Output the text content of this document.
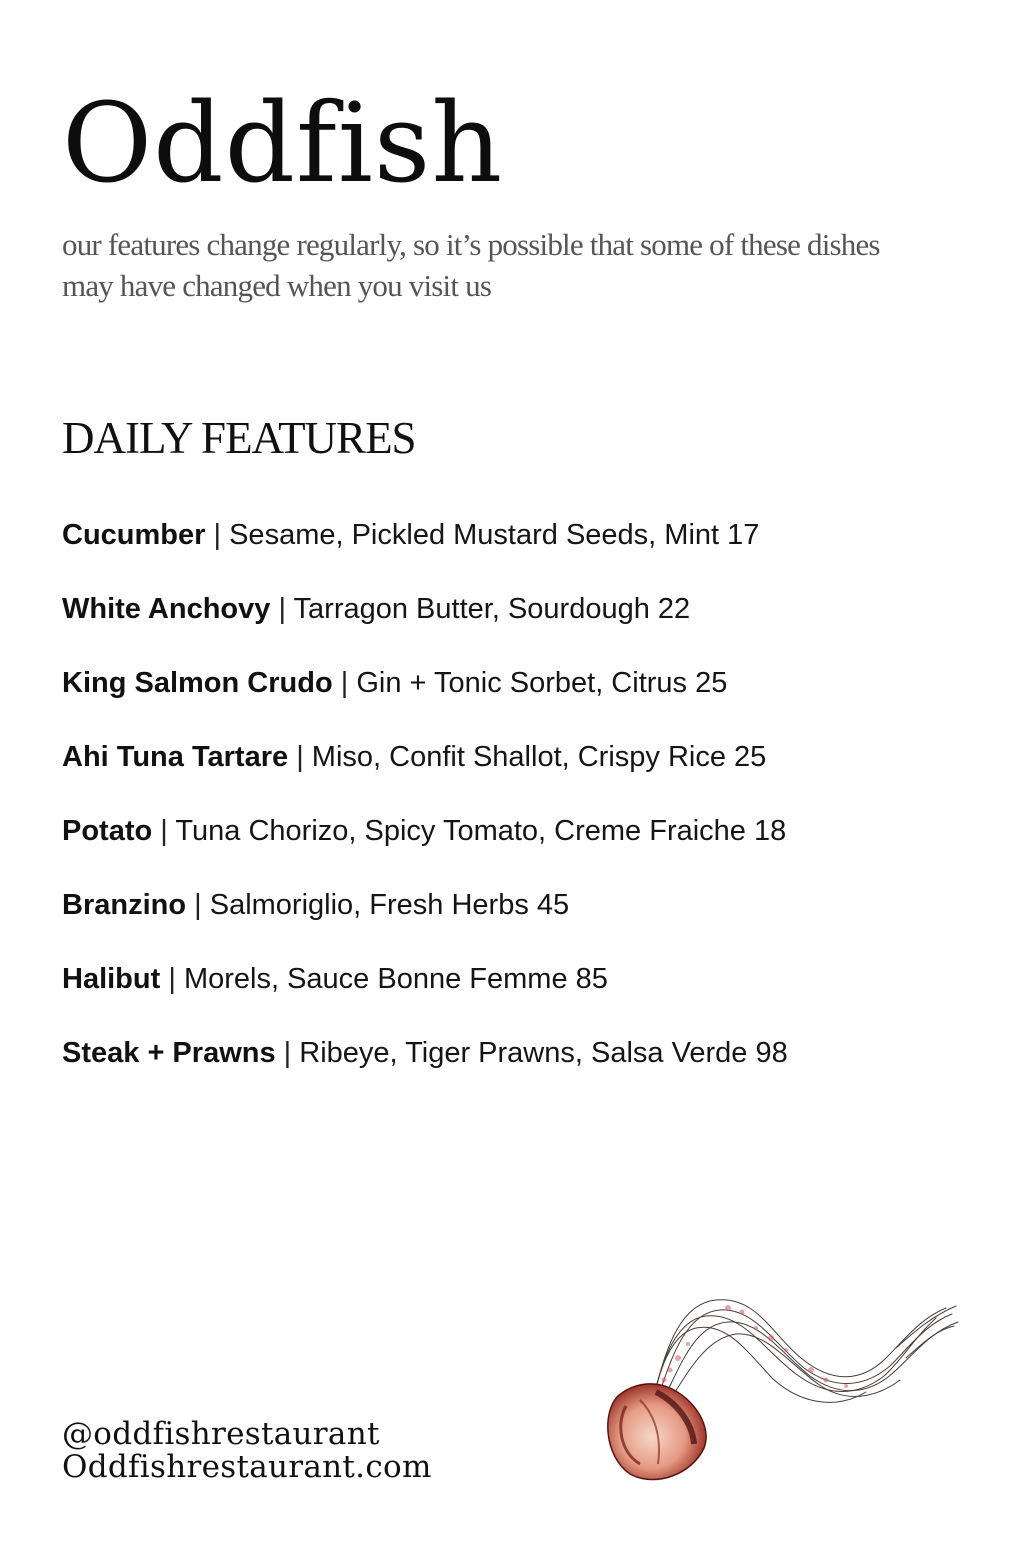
Oddfish

our features change regularly, so it’s possible that some of these dishes may have changed when you visit us

DAILY FEATURES
Cucumber | Sesame, Pickled Mustard Seeds, Mint 17
White Anchovy | Tarragon Butter, Sourdough 22
King Salmon Crudo | Gin + Tonic Sorbet, Citrus 25
Ahi Tuna Tartare | Miso, Confit Shallot, Crispy Rice 25
Potato | Tuna Chorizo, Spicy Tomato, Creme Fraiche 18
Branzino | Salmoriglio, Fresh Herbs 45
Halibut | Morels, Sauce Bonne Femme 85
Steak + Prawns | Ribeye, Tiger Prawns, Salsa Verde 98
@oddfishrestaurant
Oddfishrestaurant.com
